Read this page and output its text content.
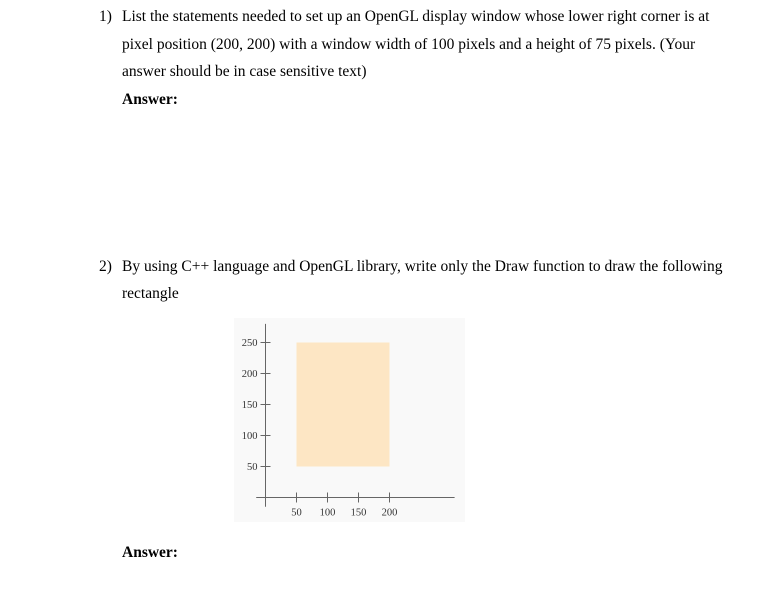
1) List the statements needed to set up an OpenGL display window whose lower right corner is at
pixel position (200, 200) with a window width of 100 pixels and a height of 75 pixels. (Your
answer should be in case sensitive text)
Answer:
2) By using C++ language and OpenGL library, write only the Draw function to draw the following
rectangle
50 100 150 200
250
200
150
100
50
Answer:
